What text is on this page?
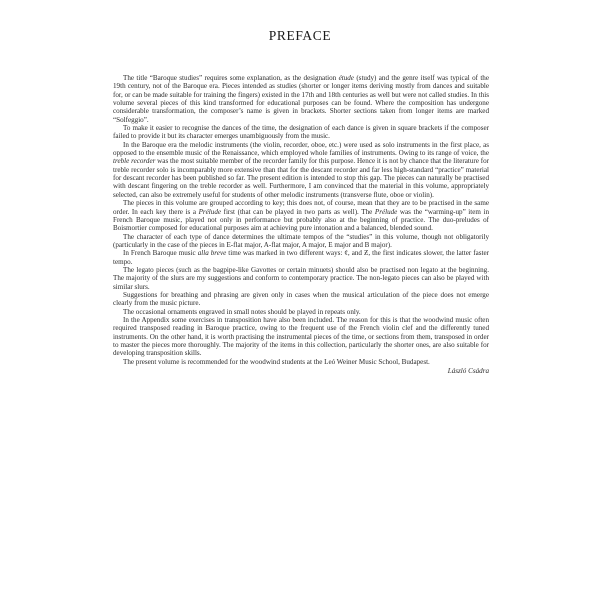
PREFACE

The title “Baroque studies” requires some explanation, as the designation étude (study) and the genre itself was typical of the 19th century, not of the Baroque era. Pieces intended as studies (shorter or longer items deriving mostly from dances and suitable for, or can be made suitable for training the fingers) existed in the 17th and 18th centuries as well but were not called studies. In this volume several pieces of this kind transformed for educational purposes can be found. Where the composition has undergone considerable transformation, the composer’s name is given in brackets. Shorter sections taken from longer items are marked “Solfeggio”.

To make it easier to recognise the dances of the time, the designation of each dance is given in square brackets if the composer failed to provide it but its character emerges unambiguously from the music.

In the Baroque era the melodic instruments (the violin, recorder, oboe, etc.) were used as solo instruments in the first place, as opposed to the ensemble music of the Renaissance, which employed whole families of instruments. Owing to its range of voice, the treble recorder was the most suitable member of the recorder family for this purpose. Hence it is not by chance that the literature for treble recorder solo is incomparably more extensive than that for the descant recorder and far less high-standard “practice” material for descant recorder has been published so far. The present edition is intended to stop this gap. The pieces can naturally be practised with descant fingering on the treble recorder as well. Furthermore, I am convinced that the material in this volume, appropriately selected, can also be extremely useful for students of other melodic instruments (transverse flute, oboe or violin).

The pieces in this volume are grouped according to key; this does not, of course, mean that they are to be practised in the same order. In each key there is a Prélude first (that can be played in two parts as well). The Prélude was the “warming-up” item in French Baroque music, played not only in performance but probably also at the beginning of practice. The duo-preludes of Boismortier composed for educational purposes aim at achieving pure intonation and a balanced, blended sound.

The character of each type of dance determines the ultimate tempos of the “studies” in this volume, though not obligatorily (particularly in the case of the pieces in E-flat major, A-flat major, A major, E major and B major).

In French Baroque music alla breve time was marked in two different ways: ¢, and Ƶ, the first indicates slower, the latter faster tempo.

The legato pieces (such as the bagpipe-like Gavottes or certain minuets) should also be practised non legato at the beginning. The majority of the slurs are my suggestions and conform to contemporary practice. The non-legato pieces can also be played with similar slurs.

Suggestions for breathing and phrasing are given only in cases when the musical articulation of the piece does not emerge clearly from the music picture.

The occasional ornaments engraved in small notes should be played in repeats only.

In the Appendix some exercises in transposition have also been included. The reason for this is that the woodwind music often required transposed reading in Baroque practice, owing to the frequent use of the French violin clef and the differently tuned instruments. On the other hand, it is worth practising the instrumental pieces of the time, or sections from them, transposed in order to master the pieces more thoroughly. The majority of the items in this collection, particularly the shorter ones, are also suitable for developing transposition skills.

The present volume is recommended for the woodwind students at the Leó Weiner Music School, Budapest.

László Csádra
